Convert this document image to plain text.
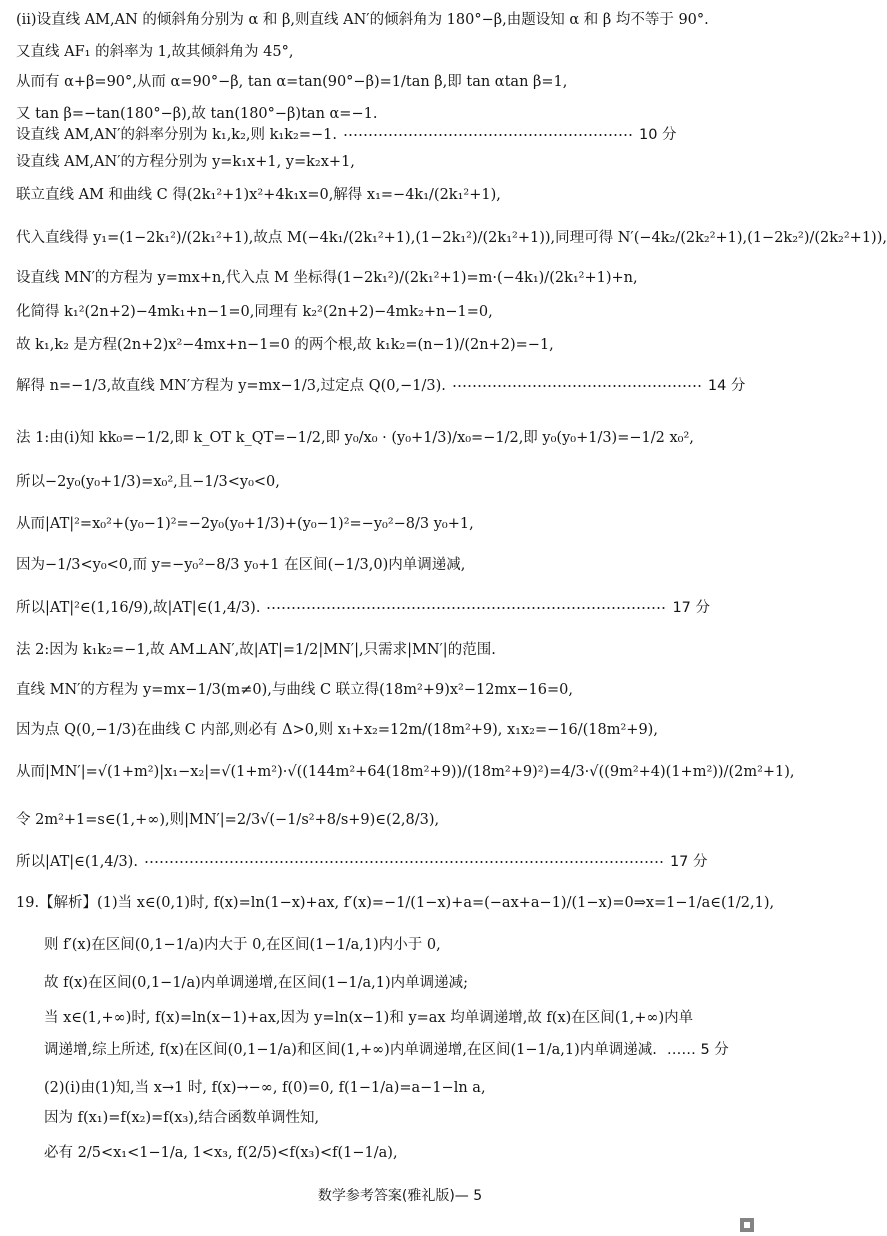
(ⅱ)设直线 AM,AN 的倾斜角分别为 α 和 β,则直线 AN′的倾斜角为 180°−β,由题设知 α 和 β 均不等于 90°.
又直线 AF₁ 的斜率为 1,故其倾斜角为 45°,
从而有 α+β=90°,从而 α=90°−β, tan α=tan(90°−β)=1/tan β,即 tan αtan β=1,
又 tan β=−tan(180°−β),故 tan(180°−β)tan α=−1.
设直线 AM,AN′的斜率分别为 k₁,k₂,则 k₁k₂=−1.	10 分
设直线 AM,AN′的方程分别为 y=k₁x+1, y=k₂x+1,
联立直线 AM 和曲线 C 得(2k₁²+1)x²+4k₁x=0,解得 x₁=−4k₁/(2k₁²+1),
代入直线得 y₁=(1−2k₁²)/(2k₁²+1),故点 M(−4k₁/(2k₁²+1),(1−2k₁²)/(2k₁²+1)),同理可得 N′(−4k₂/(2k₂²+1),(1−2k₂²)/(2k₂²+1)),
设直线 MN′的方程为 y=mx+n,代入点 M 坐标得(1−2k₁²)/(2k₁²+1)=m·(−4k₁)/(2k₁²+1)+n,
化简得 k₁²(2n+2)−4mk₁+n−1=0,同理有 k₂²(2n+2)−4mk₂+n−1=0,
故 k₁,k₂ 是方程(2n+2)x²−4mx+n−1=0 的两个根,故 k₁k₂=(n−1)/(2n+2)=−1,
解得 n=−1/3,故直线 MN′方程为 y=mx−1/3,过定点 Q(0,−1/3).	14 分
法 1:由(ⅰ)知 kk₀=−1/2,即 k_OT k_QT=−1/2,即 y₀/x₀ · (y₀+1/3)/x₀=−1/2,即 y₀(y₀+1/3)=−1/2 x₀²,
所以−2y₀(y₀+1/3)=x₀²,且−1/3<y₀<0,
从而|AT|²=x₀²+(y₀−1)²=−2y₀(y₀+1/3)+(y₀−1)²=−y₀²−8/3 y₀+1,
因为−1/3<y₀<0,而 y=−y₀²−8/3 y₀+1 在区间(−1/3,0)内单调递减,
所以|AT|²∈(1,16/9),故|AT|∈(1,4/3).	17 分
法 2:因为 k₁k₂=−1,故 AM⊥AN′,故|AT|=1/2|MN′|,只需求|MN′|的范围.
直线 MN′的方程为 y=mx−1/3(m≠0),与曲线 C 联立得(18m²+9)x²−12mx−16=0,
因为点 Q(0,−1/3)在曲线 C 内部,则必有 Δ>0,则 x₁+x₂=12m/(18m²+9), x₁x₂=−16/(18m²+9),
从而|MN′|=√(1+m²)|x₁−x₂|=√(1+m²)·√((144m²+64(18m²+9))/(18m²+9)²)=4/3·√((9m²+4)(1+m²))/(2m²+1),
令 2m²+1=s∈(1,+∞),则|MN′|=2/3√(−1/s²+8/s+9)∈(2,8/3),
所以|AT|∈(1,4/3).	17 分
19.【解析】(1)当 x∈(0,1)时, f(x)=ln(1−x)+ax, f′(x)=−1/(1−x)+a=(−ax+a−1)/(1−x)=0⇒x=1−1/a∈(1/2,1),
则 f′(x)在区间(0,1−1/a)内大于 0,在区间(1−1/a,1)内小于 0,
故 f(x)在区间(0,1−1/a)内单调递增,在区间(1−1/a,1)内单调递减;
当 x∈(1,+∞)时, f(x)=ln(x−1)+ax,因为 y=ln(x−1)和 y=ax 均单调递增,故 f(x)在区间(1,+∞)内单
调递增,综上所述, f(x)在区间(0,1−1/a)和区间(1,+∞)内单调递增,在区间(1−1/a,1)内单调递减. …… 5 分
(2)(ⅰ)由(1)知,当 x→1 时, f(x)→−∞, f(0)=0, f(1−1/a)=a−1−ln a,
因为 f(x₁)=f(x₂)=f(x₃),结合函数单调性知,
必有 2/5<x₁<1−1/a, 1<x₃, f(2/5)<f(x₃)<f(1−1/a),
数学参考答案(雅礼版)— 5
